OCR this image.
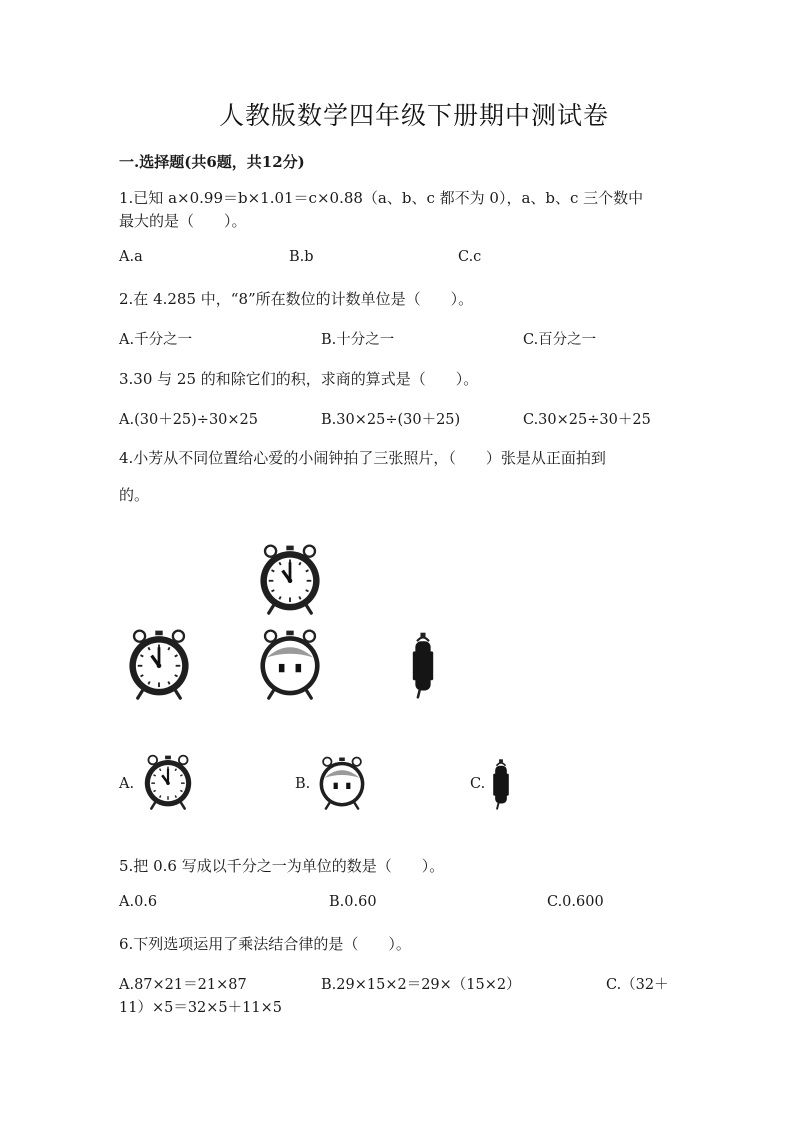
人教版数学四年级下册期中测试卷
一.选择题(共6题，共12分)
1.已知 a×0.99＝b×1.01＝c×0.88（a、b、c 都不为 0），a、b、c 三个数中
最大的是（　　）。
A.a	B.b	C.c
2.在 4.285 中，“8”所在数位的计数单位是（　　）。
A.千分之一	B.十分之一	C.百分之一
3.30 与 25 的和除它们的积，求商的算式是（　　）。
A.(30＋25)÷30×25	B.30×25÷(30＋25)	C.30×25÷30＋25
4.小芳从不同位置给心爱的小闹钟拍了三张照片，（　　）张是从正面拍到
的。
A.	B.	C.
5.把 0.6 写成以千分之一为单位的数是（　　）。
A.0.6	B.0.60	C.0.600
6.下列选项运用了乘法结合律的是（　　）。
A.87×21＝21×87	B.29×15×2＝29×（15×2）	C.（32＋
11）×5＝32×5＋11×5
